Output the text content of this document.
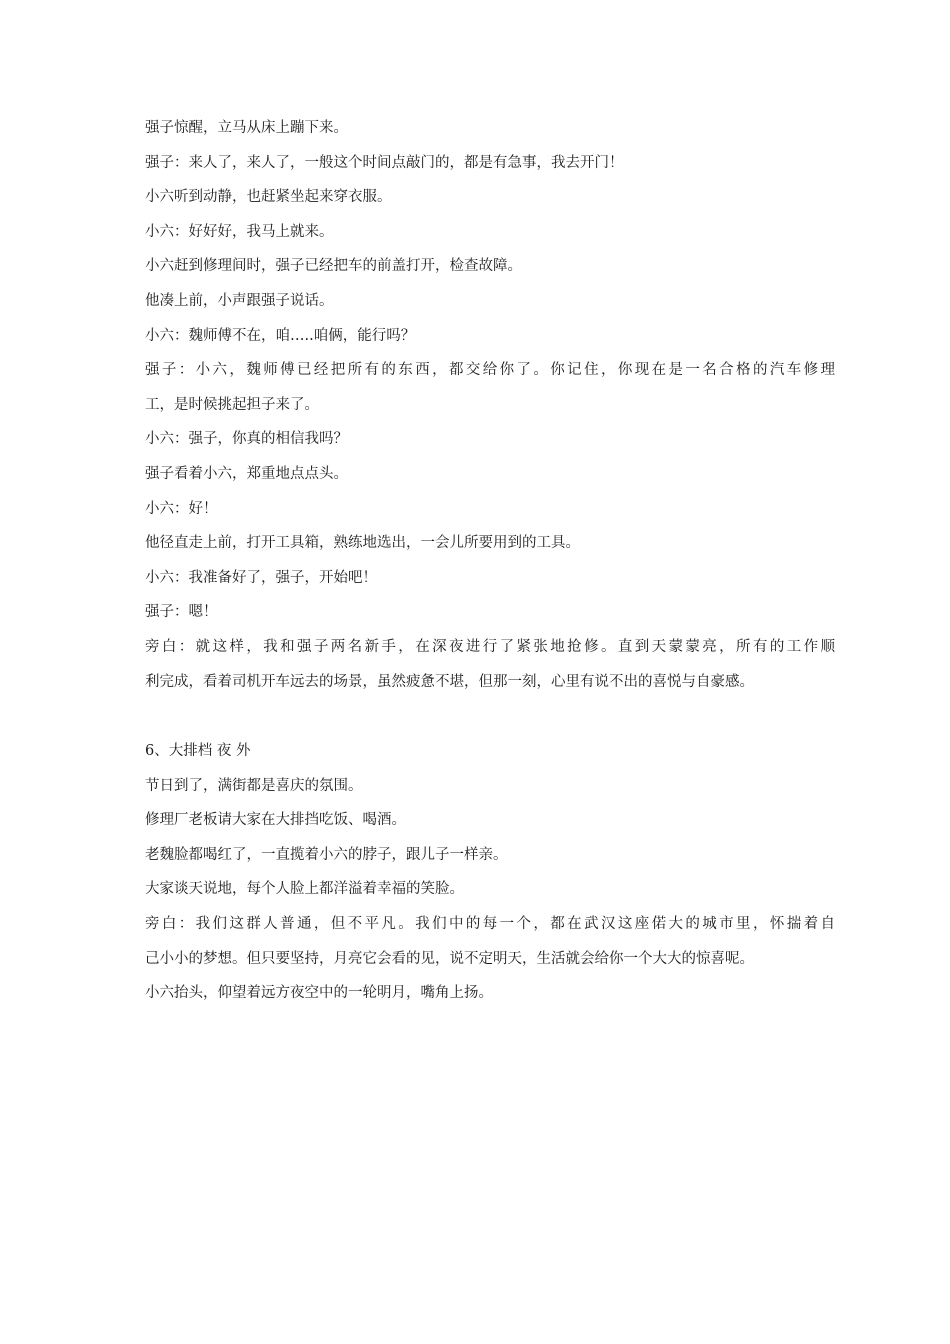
强子惊醒，立马从床上蹦下来。

强子：来人了，来人了，一般这个时间点敲门的，都是有急事，我去开门！

小六听到动静，也赶紧坐起来穿衣服。

小六：好好好，我马上就来。

小六赶到修理间时，强子已经把车的前盖打开，检查故障。

他凑上前，小声跟强子说话。

小六：魏师傅不在，咱…..咱俩，能行吗？

强子：小六，魏师傅已经把所有的东西，都交给你了。你记住，你现在是一名合格的汽车修理

工，是时候挑起担子来了。

小六：强子，你真的相信我吗？

强子看着小六，郑重地点点头。

小六：好！

他径直走上前，打开工具箱，熟练地选出，一会儿所要用到的工具。

小六：我准备好了，强子，开始吧！

强子：嗯！

旁白：就这样，我和强子两名新手，在深夜进行了紧张地抢修。直到天蒙蒙亮，所有的工作顺

利完成，看着司机开车远去的场景，虽然疲惫不堪，但那一刻，心里有说不出的喜悦与自豪感。

6、大排档 夜 外

节日到了，满街都是喜庆的氛围。

修理厂老板请大家在大排挡吃饭、喝酒。

老魏脸都喝红了，一直揽着小六的脖子，跟儿子一样亲。

大家谈天说地，每个人脸上都洋溢着幸福的笑脸。

旁白：我们这群人普通，但不平凡。我们中的每一个，都在武汉这座偌大的城市里，怀揣着自

己小小的梦想。但只要坚持，月亮它会看的见，说不定明天，生活就会给你一个大大的惊喜呢。

小六抬头，仰望着远方夜空中的一轮明月，嘴角上扬。
